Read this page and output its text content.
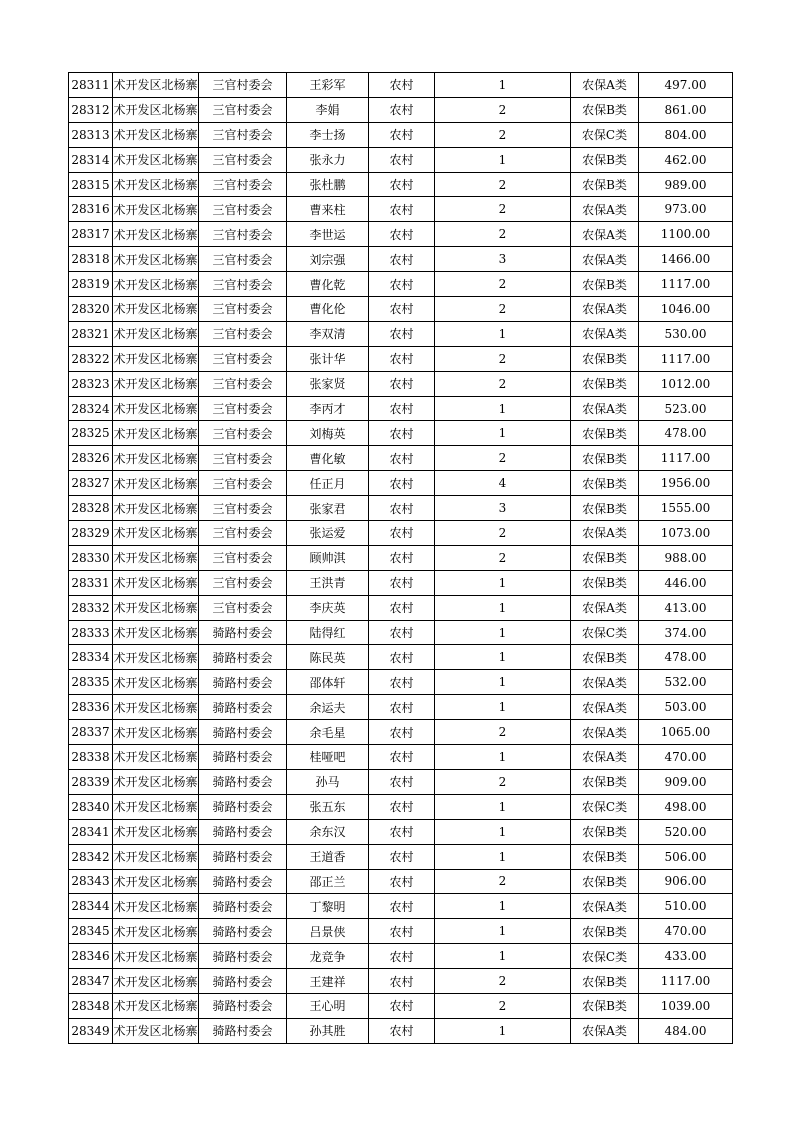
28311	术开发区北杨寨	三官村委会	王彩军	农村	1	农保A类	497.00
28312	术开发区北杨寨	三官村委会	李娟	农村	2	农保B类	861.00
28313	术开发区北杨寨	三官村委会	李士扬	农村	2	农保C类	804.00
28314	术开发区北杨寨	三官村委会	张永力	农村	1	农保B类	462.00
28315	术开发区北杨寨	三官村委会	张杜鹏	农村	2	农保B类	989.00
28316	术开发区北杨寨	三官村委会	曹来柱	农村	2	农保A类	973.00
28317	术开发区北杨寨	三官村委会	李世运	农村	2	农保A类	1100.00
28318	术开发区北杨寨	三官村委会	刘宗强	农村	3	农保A类	1466.00
28319	术开发区北杨寨	三官村委会	曹化乾	农村	2	农保B类	1117.00
28320	术开发区北杨寨	三官村委会	曹化伦	农村	2	农保A类	1046.00
28321	术开发区北杨寨	三官村委会	李双清	农村	1	农保A类	530.00
28322	术开发区北杨寨	三官村委会	张计华	农村	2	农保B类	1117.00
28323	术开发区北杨寨	三官村委会	张家贤	农村	2	农保B类	1012.00
28324	术开发区北杨寨	三官村委会	李丙才	农村	1	农保A类	523.00
28325	术开发区北杨寨	三官村委会	刘梅英	农村	1	农保B类	478.00
28326	术开发区北杨寨	三官村委会	曹化敏	农村	2	农保B类	1117.00
28327	术开发区北杨寨	三官村委会	任正月	农村	4	农保B类	1956.00
28328	术开发区北杨寨	三官村委会	张家君	农村	3	农保B类	1555.00
28329	术开发区北杨寨	三官村委会	张运爱	农村	2	农保A类	1073.00
28330	术开发区北杨寨	三官村委会	顾帅淇	农村	2	农保B类	988.00
28331	术开发区北杨寨	三官村委会	王洪青	农村	1	农保B类	446.00
28332	术开发区北杨寨	三官村委会	李庆英	农村	1	农保A类	413.00
28333	术开发区北杨寨	骑路村委会	陆得红	农村	1	农保C类	374.00
28334	术开发区北杨寨	骑路村委会	陈民英	农村	1	农保B类	478.00
28335	术开发区北杨寨	骑路村委会	邵体轩	农村	1	农保A类	532.00
28336	术开发区北杨寨	骑路村委会	余运夫	农村	1	农保A类	503.00
28337	术开发区北杨寨	骑路村委会	余毛星	农村	2	农保A类	1065.00
28338	术开发区北杨寨	骑路村委会	桂哑吧	农村	1	农保A类	470.00
28339	术开发区北杨寨	骑路村委会	孙马	农村	2	农保B类	909.00
28340	术开发区北杨寨	骑路村委会	张五东	农村	1	农保C类	498.00
28341	术开发区北杨寨	骑路村委会	余东汉	农村	1	农保B类	520.00
28342	术开发区北杨寨	骑路村委会	王道香	农村	1	农保B类	506.00
28343	术开发区北杨寨	骑路村委会	邵正兰	农村	2	农保B类	906.00
28344	术开发区北杨寨	骑路村委会	丁黎明	农村	1	农保A类	510.00
28345	术开发区北杨寨	骑路村委会	吕景侠	农村	1	农保B类	470.00
28346	术开发区北杨寨	骑路村委会	龙竞争	农村	1	农保C类	433.00
28347	术开发区北杨寨	骑路村委会	王建祥	农村	2	农保B类	1117.00
28348	术开发区北杨寨	骑路村委会	王心明	农村	2	农保B类	1039.00
28349	术开发区北杨寨	骑路村委会	孙其胜	农村	1	农保A类	484.00
